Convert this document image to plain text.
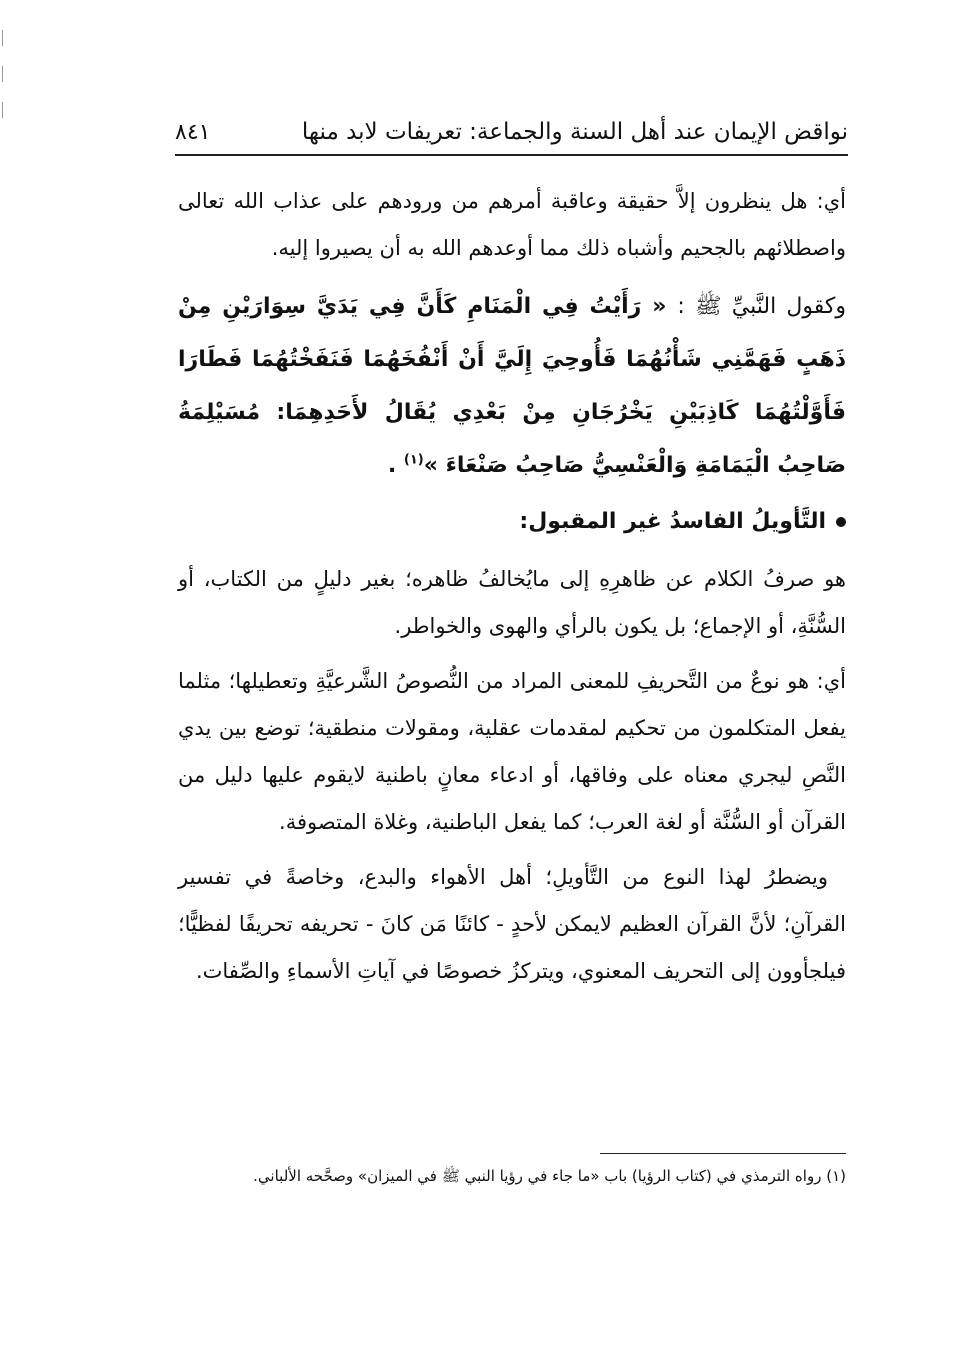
نواقض الإيمان عند أهل السنة والجماعة: تعريفات لابد منها
٨٤١

أي: هل ينظرون إلاَّ حقيقة وعاقبة أمرهم من ورودهم على عذاب الله تعالى واصطلائهم بالجحيم وأشباه ذلك مما أوعدهم الله به أن يصيروا إليه.

وكقول النَّبيِّ ﷺ : « رَأَيْتُ فِي الْمَنَامِ كَأَنَّ فِي يَدَيَّ سِوَارَيْنِ مِنْ ذَهَبٍ فَهَمَّنِي شَأْنُهُمَا فَأُوحِيَ إِلَيَّ أَنْ أَنْفُخَهُمَا فَنَفَخْتُهُمَا فَطَارَا فَأَوَّلْتُهُمَا كَاذِبَيْنِ يَخْرُجَانِ مِنْ بَعْدِي يُقَالُ لأَحَدِهِمَا: مُسَيْلِمَةُ صَاحِبُ الْيَمَامَةِ وَالْعَنْسِيُّ صَاحِبُ صَنْعَاءَ »$^{(١)}$ .

التَّأويلُ الفاسدُ غير المقبول:

هو صرفُ الكلام عن ظاهرِهِ إلى مايُخالفُ ظاهره؛ بغير دليلٍ من الكتاب، أو السُّنَّةِ، أو الإجماع؛ بل يكون بالرأي والهوى والخواطر.

أي: هو نوعٌ من التَّحريفِ للمعنى المراد من النُّصوصُ الشَّرعيَّةِ وتعطيلها؛ مثلما يفعل المتكلمون من تحكيم لمقدمات عقلية، ومقولات منطقية؛ توضع بين يدي النَّصِ ليجري معناه على وفاقها، أو ادعاء معانٍ باطنية لايقوم عليها دليل من القرآن أو السُّنَّة أو لغة العرب؛ كما يفعل الباطنية، وغلاة المتصوفة.

ويضطرُ لهذا النوع من التَّأويلِ؛ أهل الأهواء والبدع، وخاصةً في تفسير القرآنِ؛ لأنَّ القرآن العظيم لايمكن لأحدٍ - كائنًا مَن كانَ - تحريفه تحريفًا لفظيًّا؛ فيلجأوون إلى التحريف المعنوي، ويتركزُ خصوصًا في آياتِ الأسماءِ والصِّفات.

(١) رواه الترمذي في (كتاب الرؤيا) باب «ما جاء في رؤيا النبي ﷺ في الميزان» وصحَّحه الألباني.
